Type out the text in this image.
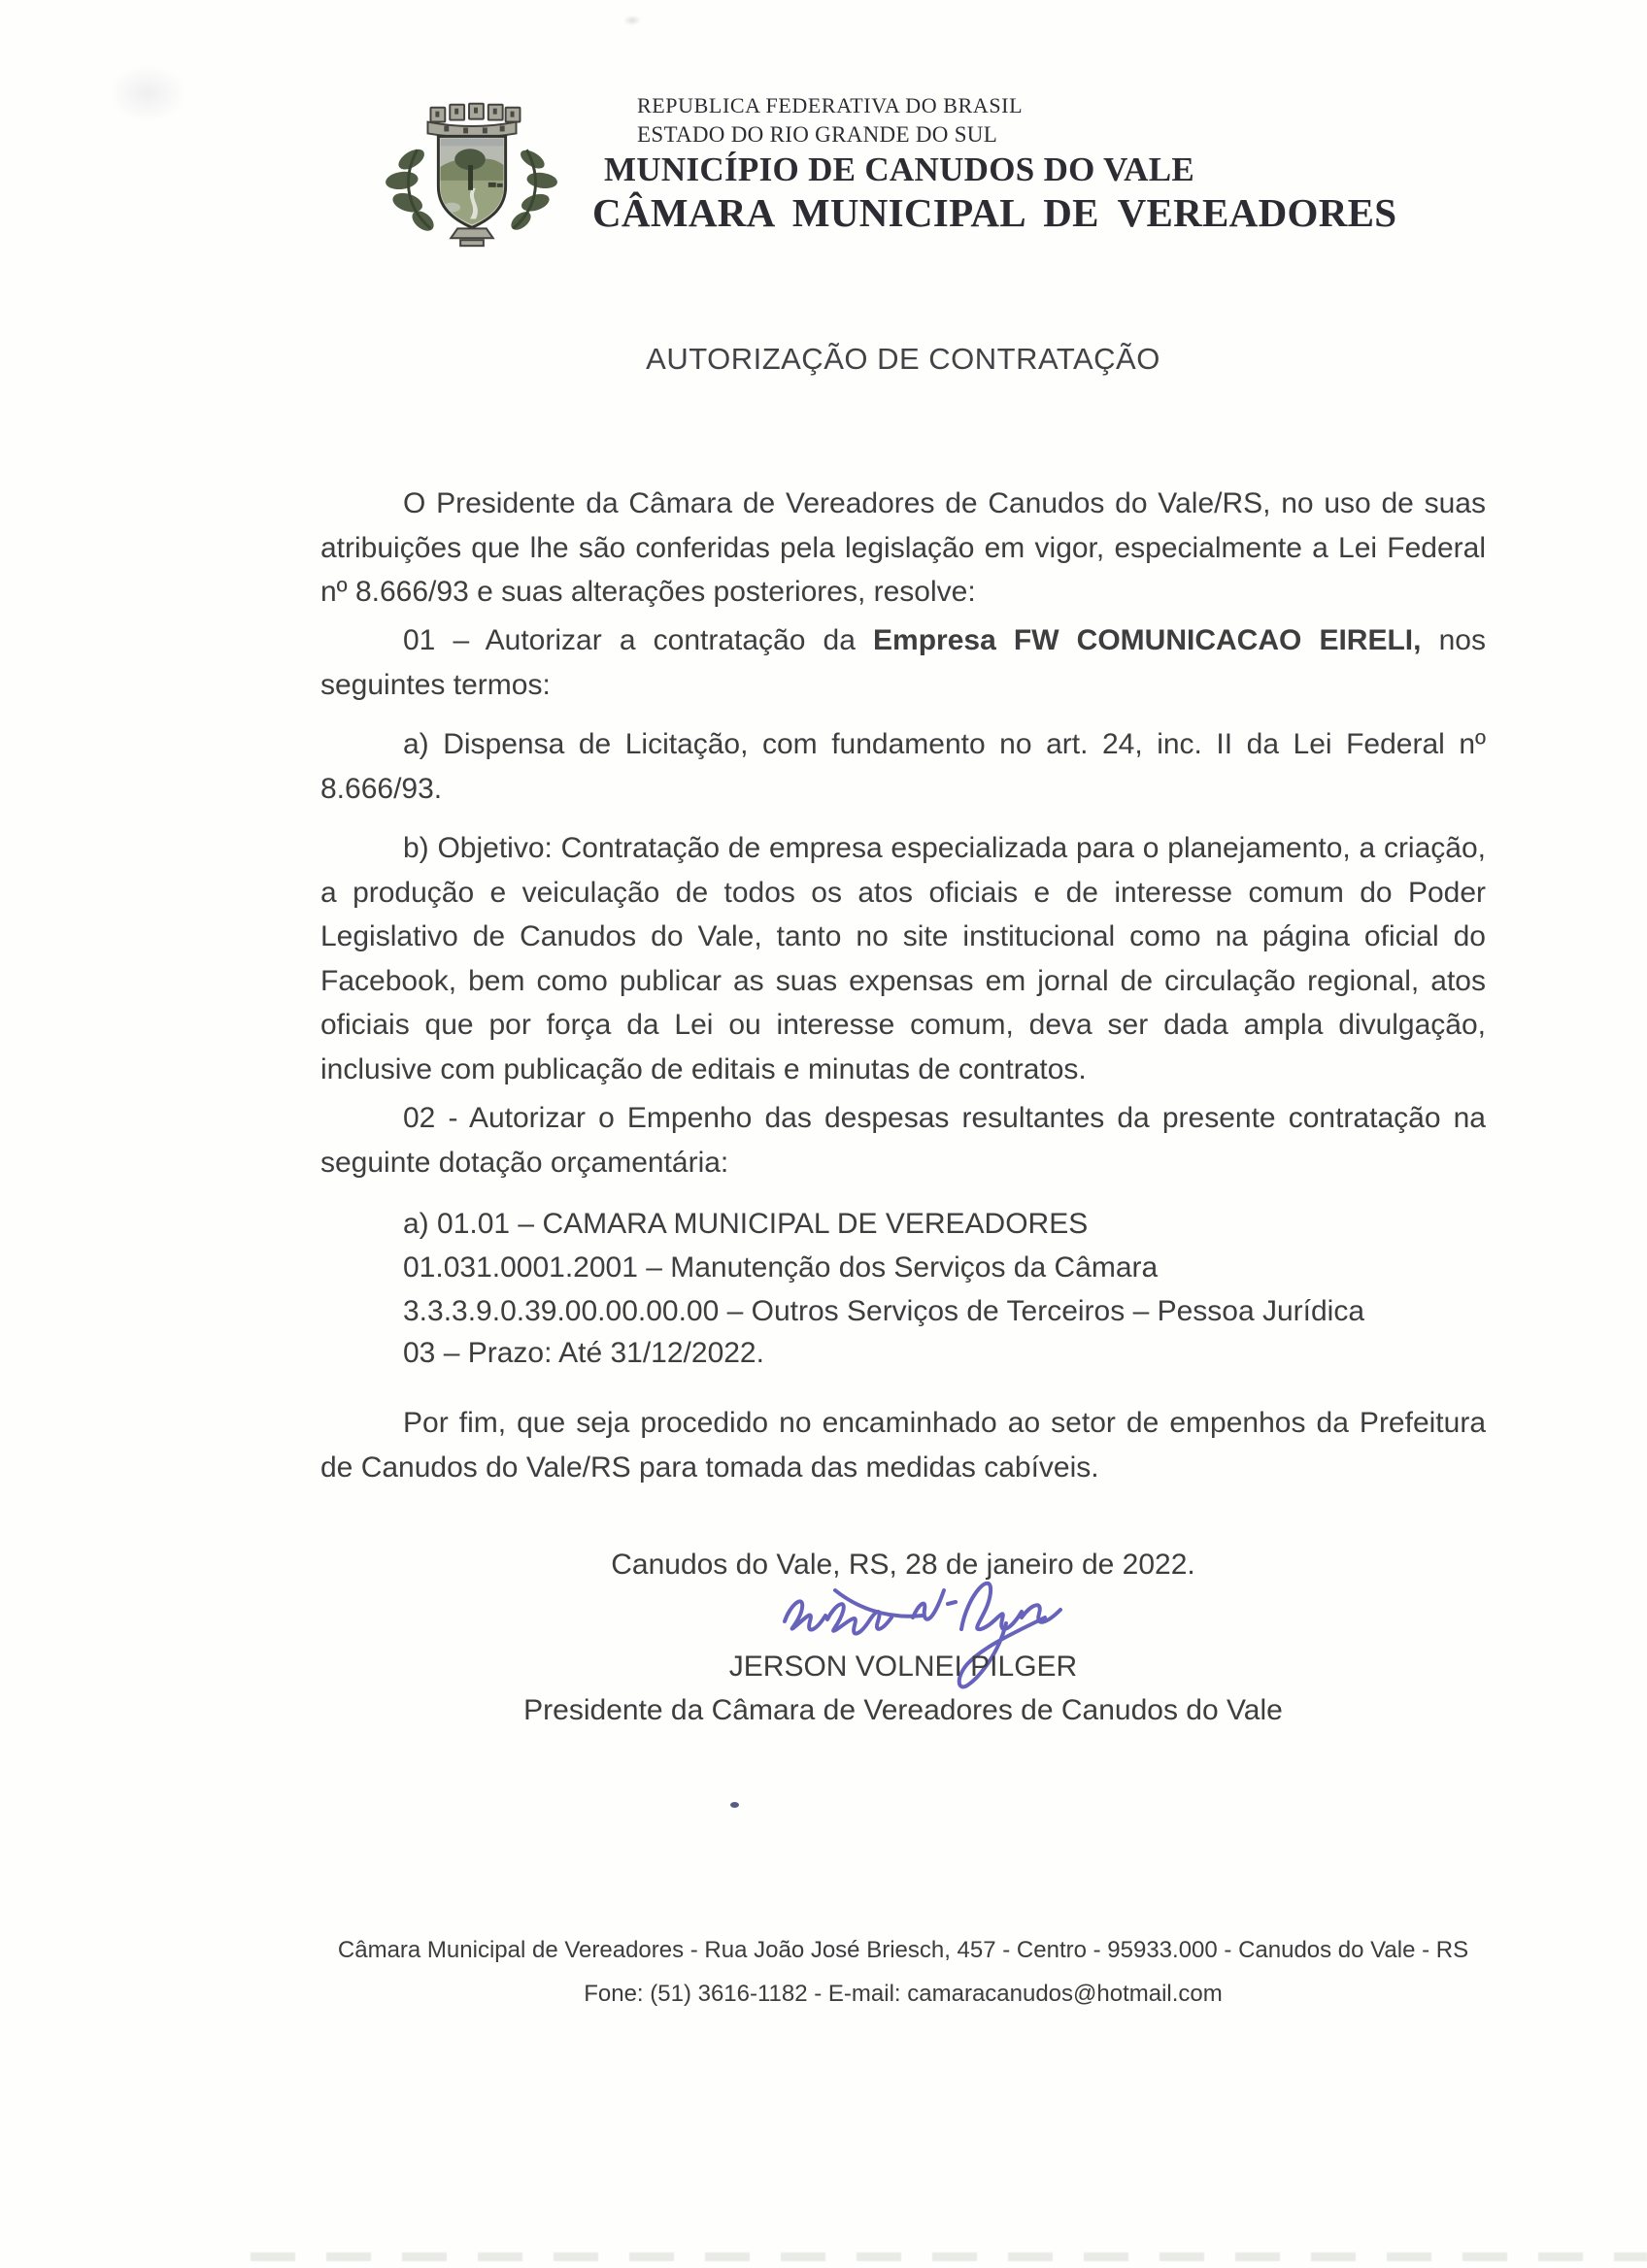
REPUBLICA FEDERATIVA DO BRASIL
ESTADO DO RIO GRANDE DO SUL
MUNICÍPIO DE CANUDOS DO VALE
CÂMARA MUNICIPAL DE VEREADORES
AUTORIZAÇÃO DE CONTRATAÇÃO

O Presidente da Câmara de Vereadores de Canudos do Vale/RS, no uso de suas atribuições que lhe são conferidas pela legislação em vigor, especialmente a Lei Federal nº 8.666/93 e suas alterações posteriores, resolve:

01 – Autorizar a contratação da Empresa FW COMUNICACAO EIRELI, nos seguintes termos:

a) Dispensa de Licitação, com fundamento no art. 24, inc. II da Lei Federal nº 8.666/93.

b) Objetivo: Contratação de empresa especializada para o planejamento, a criação, a produção e veiculação de todos os atos oficiais e de interesse comum do Poder Legislativo de Canudos do Vale, tanto no site institucional como na página oficial do Facebook, bem como publicar as suas expensas em jornal de circulação regional, atos oficiais que por força da Lei ou interesse comum, deva ser dada ampla divulgação, inclusive com publicação de editais e minutas de contratos.

02 - Autorizar o Empenho das despesas resultantes da presente contratação na seguinte dotação orçamentária:

a) 01.01 – CAMARA MUNICIPAL DE VEREADORES
01.031.0001.2001 – Manutenção dos Serviços da Câmara
3.3.3.9.0.39.00.00.00.00 – Outros Serviços de Terceiros – Pessoa Jurídica

03 – Prazo: Até 31/12/2022.

Por fim, que seja procedido no encaminhado ao setor de empenhos da Prefeitura de Canudos do Vale/RS para tomada das medidas cabíveis.

Canudos do Vale, RS, 28 de janeiro de 2022.

JERSON VOLNEI PILGER

Presidente da Câmara de Vereadores de Canudos do Vale

Câmara Municipal de Vereadores - Rua João José Briesch, 457 - Centro - 95933.000 - Canudos do Vale - RS

Fone: (51) 3616-1182 - E-mail: camaracanudos@hotmail.com
